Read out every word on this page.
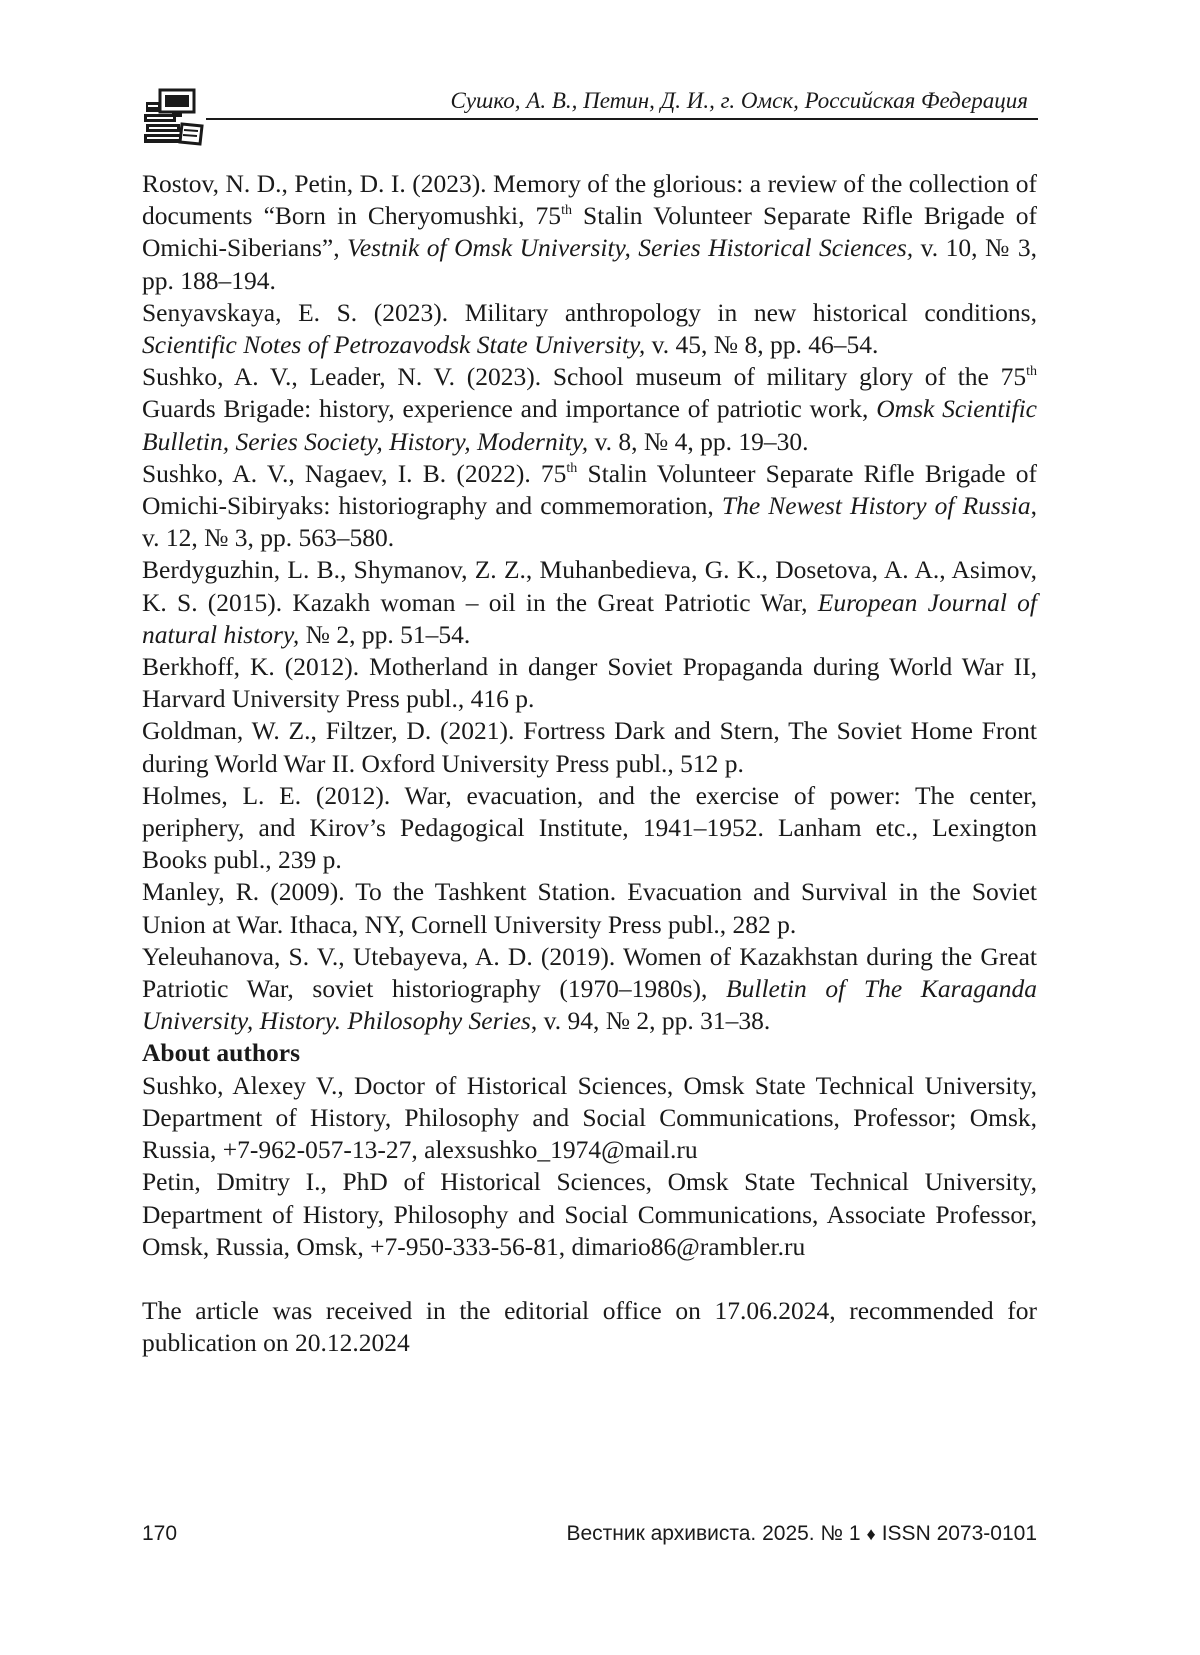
Сушко, А. В., Петин, Д. И., г. Омск, Российская Федерация

Rostov, N. D., Petin, D. I. (2023). Memory of the glorious: a review of the collection of documents “Born in Cheryomushki, 75th Stalin Volunteer Separate Rifle Brigade of Omichi-Siberians”, Vestnik of Omsk University, Series Historical Sciences, v. 10, № 3, pp. 188–194.

Senyavskaya, E. S. (2023). Military anthropology in new historical conditions, Scientific Notes of Petrozavodsk State University, v. 45, № 8, pp. 46–54.

Sushko, A. V., Leader, N. V. (2023). School museum of military glory of the 75th Guards Brigade: history, experience and importance of patriotic work, Omsk Scientific Bulletin, Series Society, History, Modernity, v. 8, № 4, pp. 19–30.

Sushko, A. V., Nagaev, I. B. (2022). 75th Stalin Volunteer Separate Rifle Brigade of Omichi-Sibiryaks: historiography and commemoration, The Newest History of Russia, v. 12, № 3, pp. 563–580.

Berdyguzhin, L. B., Shymanov, Z. Z., Muhanbedieva, G. K., Dosetova, A. A., Asimov, K. S. (2015). Kazakh woman – oil in the Great Patriotic War, European Journal of natural history, № 2, pp. 51–54.

Berkhoff, K. (2012). Motherland in danger Soviet Propaganda during World War II, Harvard University Press publ., 416 p.

Goldman, W. Z., Filtzer, D. (2021). Fortress Dark and Stern, The Soviet Home Front during World War II. Oxford University Press publ., 512 p.

Holmes, L. E. (2012). War, evacuation, and the exercise of power: The center, periphery, and Kirov’s Pedagogical Institute, 1941–1952. Lanham etc., Lexington Books publ., 239 p.

Manley, R. (2009). To the Tashkent Station. Evacuation and Survival in the Soviet Union at War. Ithaca, NY, Cornell University Press publ., 282 p.

Yeleuhanova, S. V., Utebayeva, A. D. (2019). Women of Kazakhstan during the Great Patriotic War, soviet historiography (1970–1980s), Bulletin of The Karaganda University, History. Philosophy Series, v. 94, № 2, pp. 31–38.

About authors

Sushko, Alexey V., Doctor of Historical Sciences, Omsk State Technical University, Department of History, Philosophy and Social Communications, Professor; Omsk, Russia, +7-962-057-13-27, alexsushko_1974@mail.ru

Petin, Dmitry I., PhD of Historical Sciences, Omsk State Technical University, Department of History, Philosophy and Social Communications, Associate Professor, Omsk, Russia, Omsk, +7-950-333-56-81, dimario86@rambler.ru

The article was received in the editorial office on 17.06.2024, recommended for publication on 20.12.2024

170	Вестник архивиста. 2025. № 1 ♦ ISSN 2073-0101
